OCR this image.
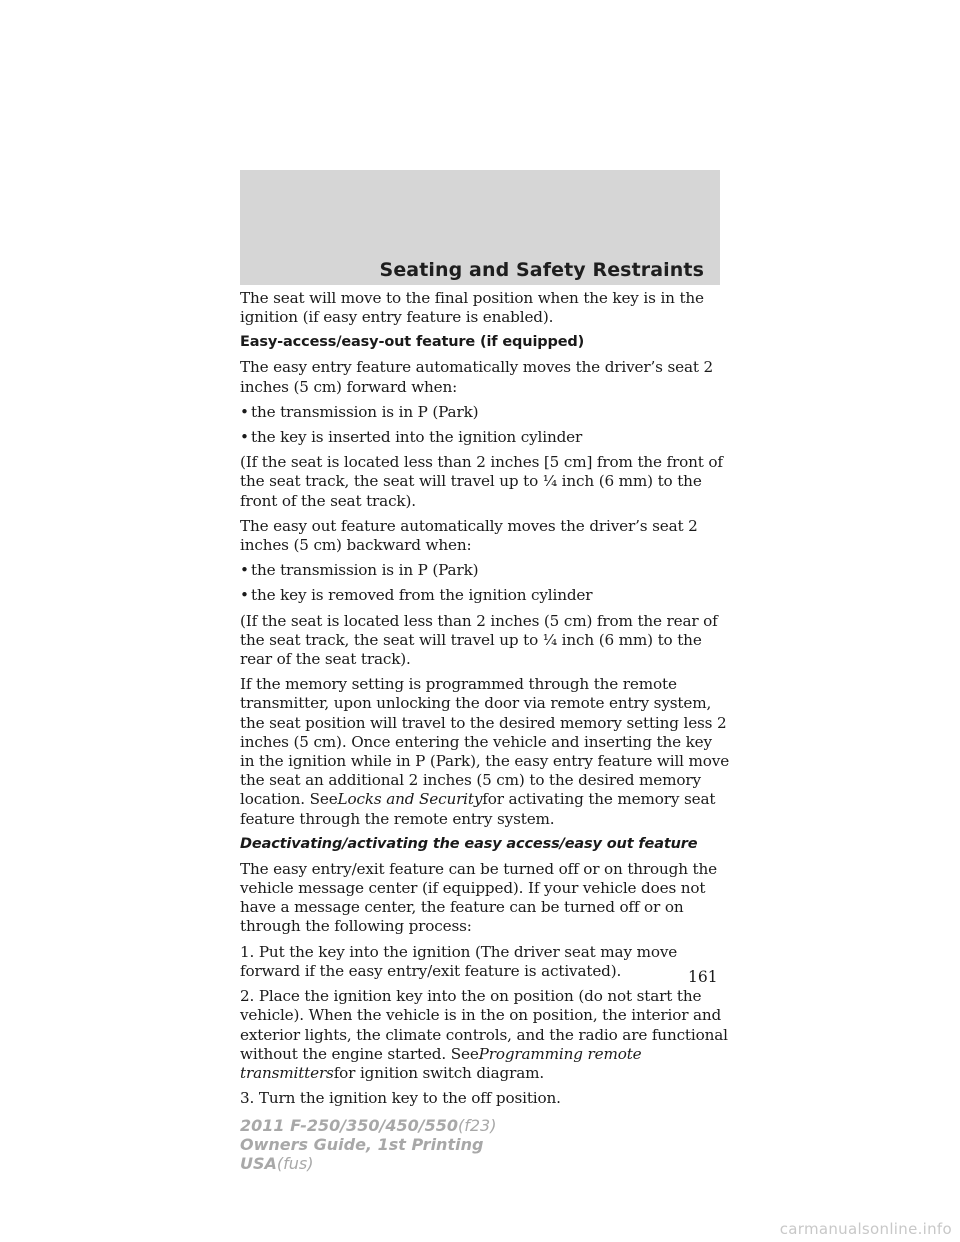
Seating and Safety Restraints

The seat will move to the final position when the key is in the ignition (if easy entry feature is enabled).

Easy-access/easy-out feature (if equipped)

The easy entry feature automatically moves the driver’s seat 2 inches (5 cm) forward when:

• the transmission is in P (Park)
• the key is inserted into the ignition cylinder

(If the seat is located less than 2 inches [5 cm] from the front of the seat track, the seat will travel up to ¹⁄₄ inch (6 mm) to the front of the seat track).

The easy out feature automatically moves the driver’s seat 2 inches (5 cm) backward when:

• the transmission is in P (Park)
• the key is removed from the ignition cylinder

(If the seat is located less than 2 inches (5 cm) from the rear of the seat track, the seat will travel up to ¹⁄₄ inch (6 mm) to the rear of the seat track).

If the memory setting is programmed through the remote transmitter, upon unlocking the door via remote entry system, the seat position will travel to the desired memory setting less 2 inches (5 cm). Once entering the vehicle and inserting the key in the ignition while in P (Park), the easy entry feature will move the seat an additional 2 inches (5 cm) to the desired memory location. SeeLocks and Securityfor activating the memory seat feature through the remote entry system.

Deactivating/activating the easy access/easy out feature

The easy entry/exit feature can be turned off or on through the vehicle message center (if equipped). If your vehicle does not have a message center, the feature can be turned off or on through the following process:

1. Put the key into the ignition (The driver seat may move forward if the easy entry/exit feature is activated).

2. Place the ignition key into the on position (do not start the vehicle). When the vehicle is in the on position, the interior and exterior lights, the climate controls, and the radio are functional without the engine started. SeeProgramming remote transmittersfor ignition switch diagram.

3. Turn the ignition key to the off position.

161

2011 F-250/350/450/550(f23)
Owners Guide, 1st Printing
USA(fus)
carmanualsonline.info
